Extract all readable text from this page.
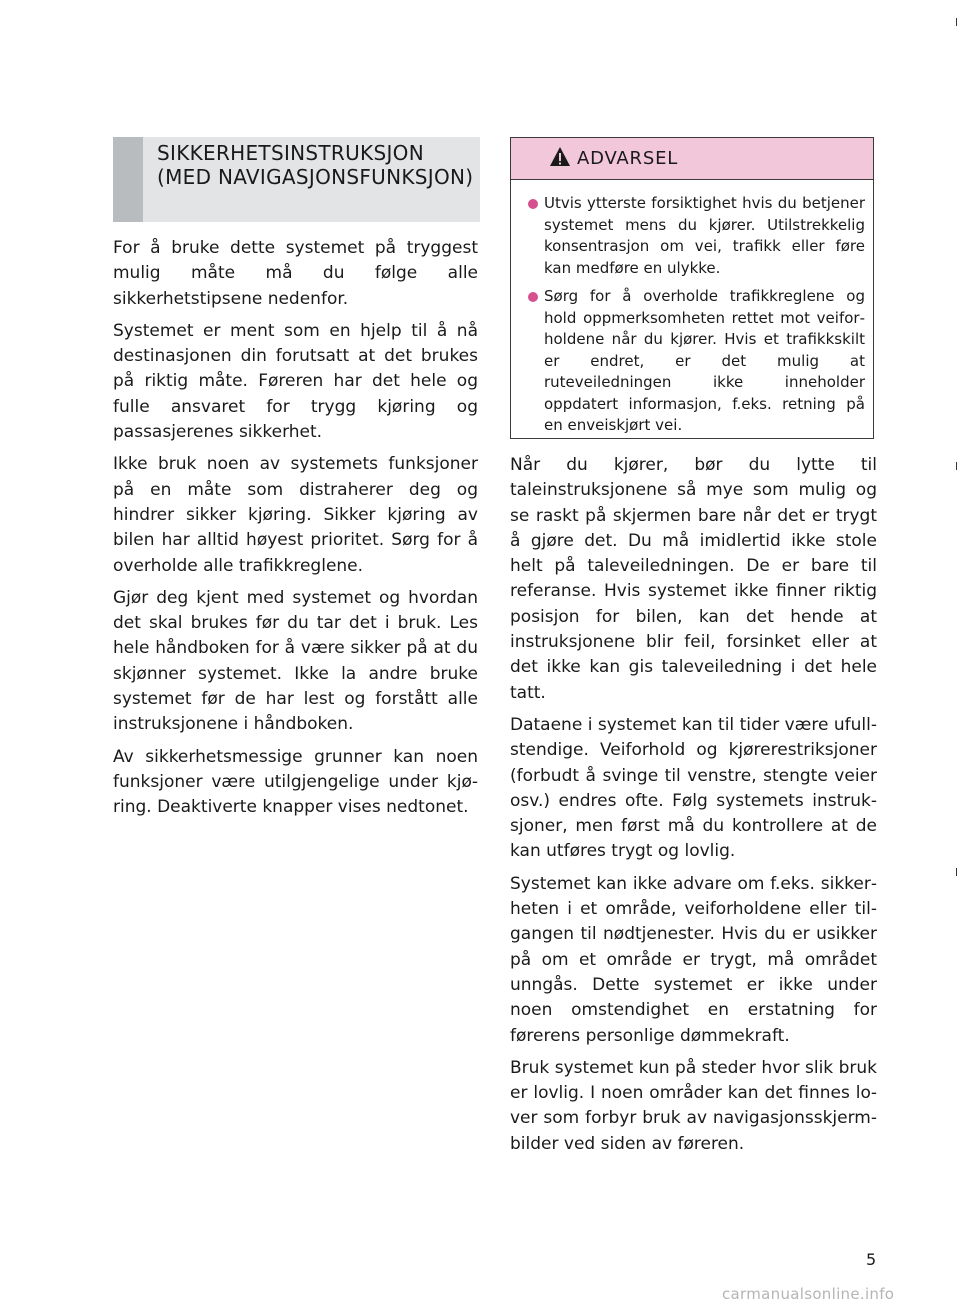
SIKKERHETSINSTRUKSJON (MED NAVIGASJONSFUNKSJON)
ADVARSEL
Utvis ytterste forsiktighet hvis du betjener systemet mens du kjører. Utilstrekkelig konsentrasjon om vei, trafikk eller føre kan medføre en ulykke.
Sørg for å overholde trafikkreglene og hold oppmerksomheten rettet mot veiforholdene når du kjører. Hvis et trafikkskilt er endret, er det mulig at ruteveiledningen ikke inneholder oppdatert informasjon, f.eks. retning på en enveiskjørt vei.

For å bruke dette systemet på tryggest mulig måte må du følge alle sikkerhetstipsene nedenfor.

Systemet er ment som en hjelp til å nå destinasjonen din forutsatt at det brukes på riktig måte. Føreren har det hele og fulle ansvaret for trygg kjøring og passasjerenes sikkerhet.

Ikke bruk noen av systemets funksjoner på en måte som distraherer deg og hindrer sikker kjøring. Sikker kjøring av bilen har alltid høyest prioritet. Sørg for å overholde alle trafikkreglene.

Gjør deg kjent med systemet og hvordan det skal brukes før du tar det i bruk. Les hele håndboken for å være sikker på at du skjønner systemet. Ikke la andre bruke systemet før de har lest og forstått alle instruksjonene i håndboken.

Av sikkerhetsmessige grunner kan noen funksjoner være utilgjengelige under kjøring. Deaktiverte knapper vises nedtonet.

Når du kjører, bør du lytte til taleinstruksjonene så mye som mulig og se raskt på skjermen bare når det er trygt å gjøre det. Du må imidlertid ikke stole helt på taleveiledningen. De er bare til referanse. Hvis systemet ikke finner riktig posisjon for bilen, kan det hende at instruksjonene blir feil, forsinket eller at det ikke kan gis taleveiledning i det hele tatt.

Dataene i systemet kan til tider være ufullstendige. Veiforhold og kjørerestriksjoner (forbudt å svinge til venstre, stengte veier osv.) endres ofte. Følg systemets instruksjoner, men først må du kontrollere at de kan utføres trygt og lovlig.

Systemet kan ikke advare om f.eks. sikkerheten i et område, veiforholdene eller tilgangen til nødtjenester. Hvis du er usikker på om et område er trygt, må området unngås. Dette systemet er ikke under noen omstendighet en erstatning for førerens personlige dømmekraft.

Bruk systemet kun på steder hvor slik bruk er lovlig. I noen områder kan det finnes lover som forbyr bruk av navigasjonsskjermbilder ved siden av føreren.

5
carmanualsonline.info
